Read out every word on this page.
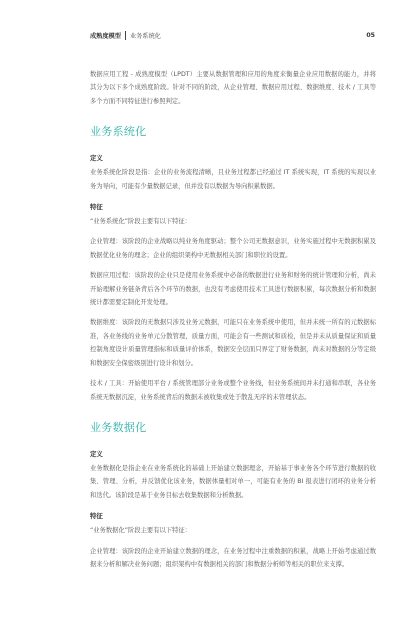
成熟度模型 业务系统化	05

数据应用工程 - 成熟度模型（LPDT）主要从数据管理和应用的角度来衡量企业应用数据的能力，并将其分为以下多个成熟度阶段。针对不同的阶段，从企业管理、数据应用过程、数据维度、技术 / 工具等多个方面不同特征进行参照判定。

业务系统化
定义

业务系统化阶段是指：企业的业务流程清晰，且业务过程都已经通过 IT 系统实现，IT 系统的实现以业务为导向，可能有少量数据记录，但并没有以数据为导向积累数据。

特征

“业务系统化”阶段主要有以下特征：

企业管理：该阶段的企业战略以纯业务角度驱动；整个公司无数据意识，业务实施过程中无数据积累及数据优化业务的理念；企业的组织架构中无数据相关部门和职位的设置。

数据应用过程：该阶段的企业只是使用业务系统中必备的数据进行业务和财务的统计管理和分析，尚未开始理解业务链条背后各个环节的数据，也没有考虑使用技术工具进行数据积累，每次数据分析和数据统计都需要定制化开发处理。

数据维度：该阶段的无数据只涉及业务元数据，可能只在业务系统中使用，但并未统一所有的元数据标准，各业务线的业务单元分散管理，质量方面，可能会有一些测试和质检，但是并未从质量保证和质量控制角度设计质量管理指标和质量评价体系，数据安全层面只界定了财务数据，尚未对数据的分等定级和数据安全保密级别进行设计和划分。

技术 / 工具：开始使用平台 / 系统管理部分业务或整个业务线，但业务系统间并未打通和串联，各业务系统无数据沉淀，业务系统背后的数据未被收集或处于散乱无序的未管理状态。

业务数据化
定义

业务数据化是指企业在业务系统化的基础上开始建立数据理念，开始基于事业务各个环节进行数据的收集、管理、分析，并反馈优化该业务，数据体量相对单一，可能有业务的 BI 报表进行闭环的业务分析和迭代。该阶段是基于业务目标去收集数据和分析数据。

特征

“业务数据化”阶段主要有以下特征：

企业管理：该阶段的企业开始建立数据的理念，在业务过程中注重数据的积累，战略上开始考虑通过数据来分析和解决业务问题；组织架构中有数据相关的部门和数据分析师等相关的职位来支撑。
